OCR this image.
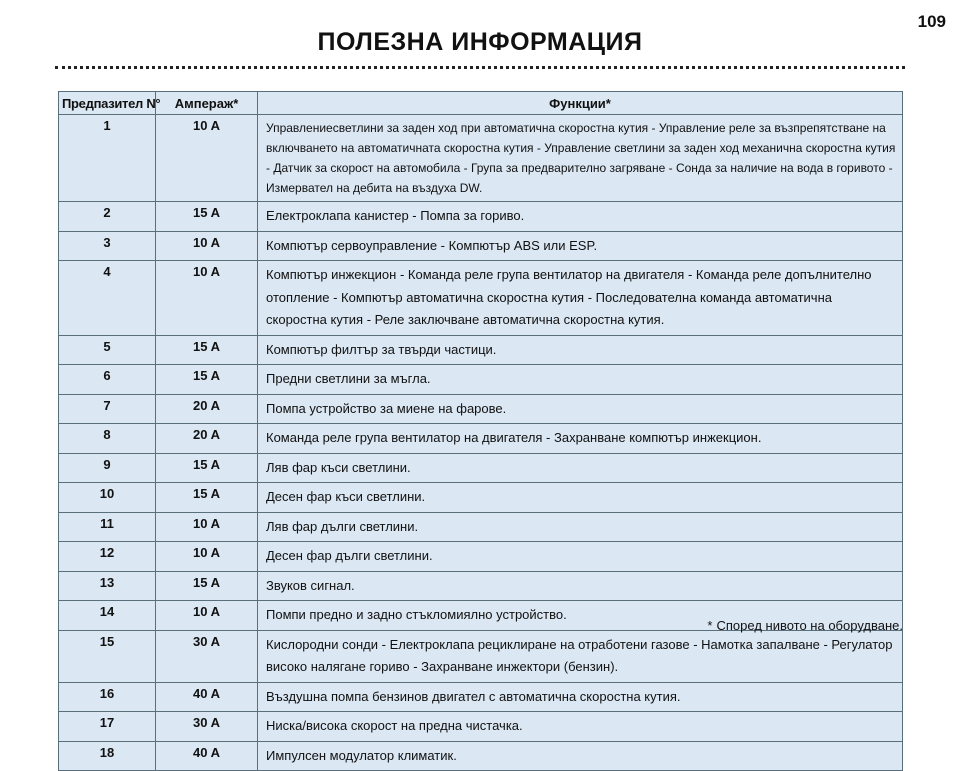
109
ПОЛЕЗНА ИНФОРМАЦИЯ
Предпазител N°	Ампераж*	Функции*
1	10 A	Управлениесветлини за заден ход при автоматична скоростна кутия - Управление реле за възпрепятстване на включването на автоматичната скоростна кутия - Управление светлини за заден ход механична скоростна кутия - Датчик за скорост на автомобила - Група за предварително загряване - Сонда за наличие на вода в горивото - Измервател на дебита на въздуха DW.
2	15 A	Електроклапа канистер - Помпа за гориво.
3	10 A	Компютър сервоуправление - Компютър ABS или ESP.
4	10 A	Компютър инжекцион - Команда реле група вентилатор на двигателя - Команда реле допълнително отопление - Компютър автоматична скоростна кутия - Последователна команда автоматична скоростна кутия - Реле заключване автоматична скоростна кутия.
5	15 A	Компютър филтър за твърди частици.
6	15 A	Предни светлини за мъгла.
7	20 A	Помпа устройство за миене на фарове.
8	20 A	Команда реле група вентилатор на двигателя - Захранване компютър инжекцион.
9	15 A	Ляв фар къси светлини.
10	15 A	Десен фар къси светлини.
11	10 A	Ляв фар дълги светлини.
12	10 A	Десен фар дълги светлини.
13	15 A	Звуков сигнал.
14	10 A	Помпи предно и задно стъкломиялно устройство.
15	30 A	Кислородни сонди - Електроклапа рециклиране на отработени газове - Намотка запалване - Регулатор високо налягане гориво - Захранване инжектори (бензин).
16	40 A	Въздушна помпа бензинов двигател с автоматична скоростна кутия.
17	30 A	Ниска/висока скорост на предна чистачка.
18	40 A	Импулсен модулатор климатик.
* Според нивото на оборудване.
